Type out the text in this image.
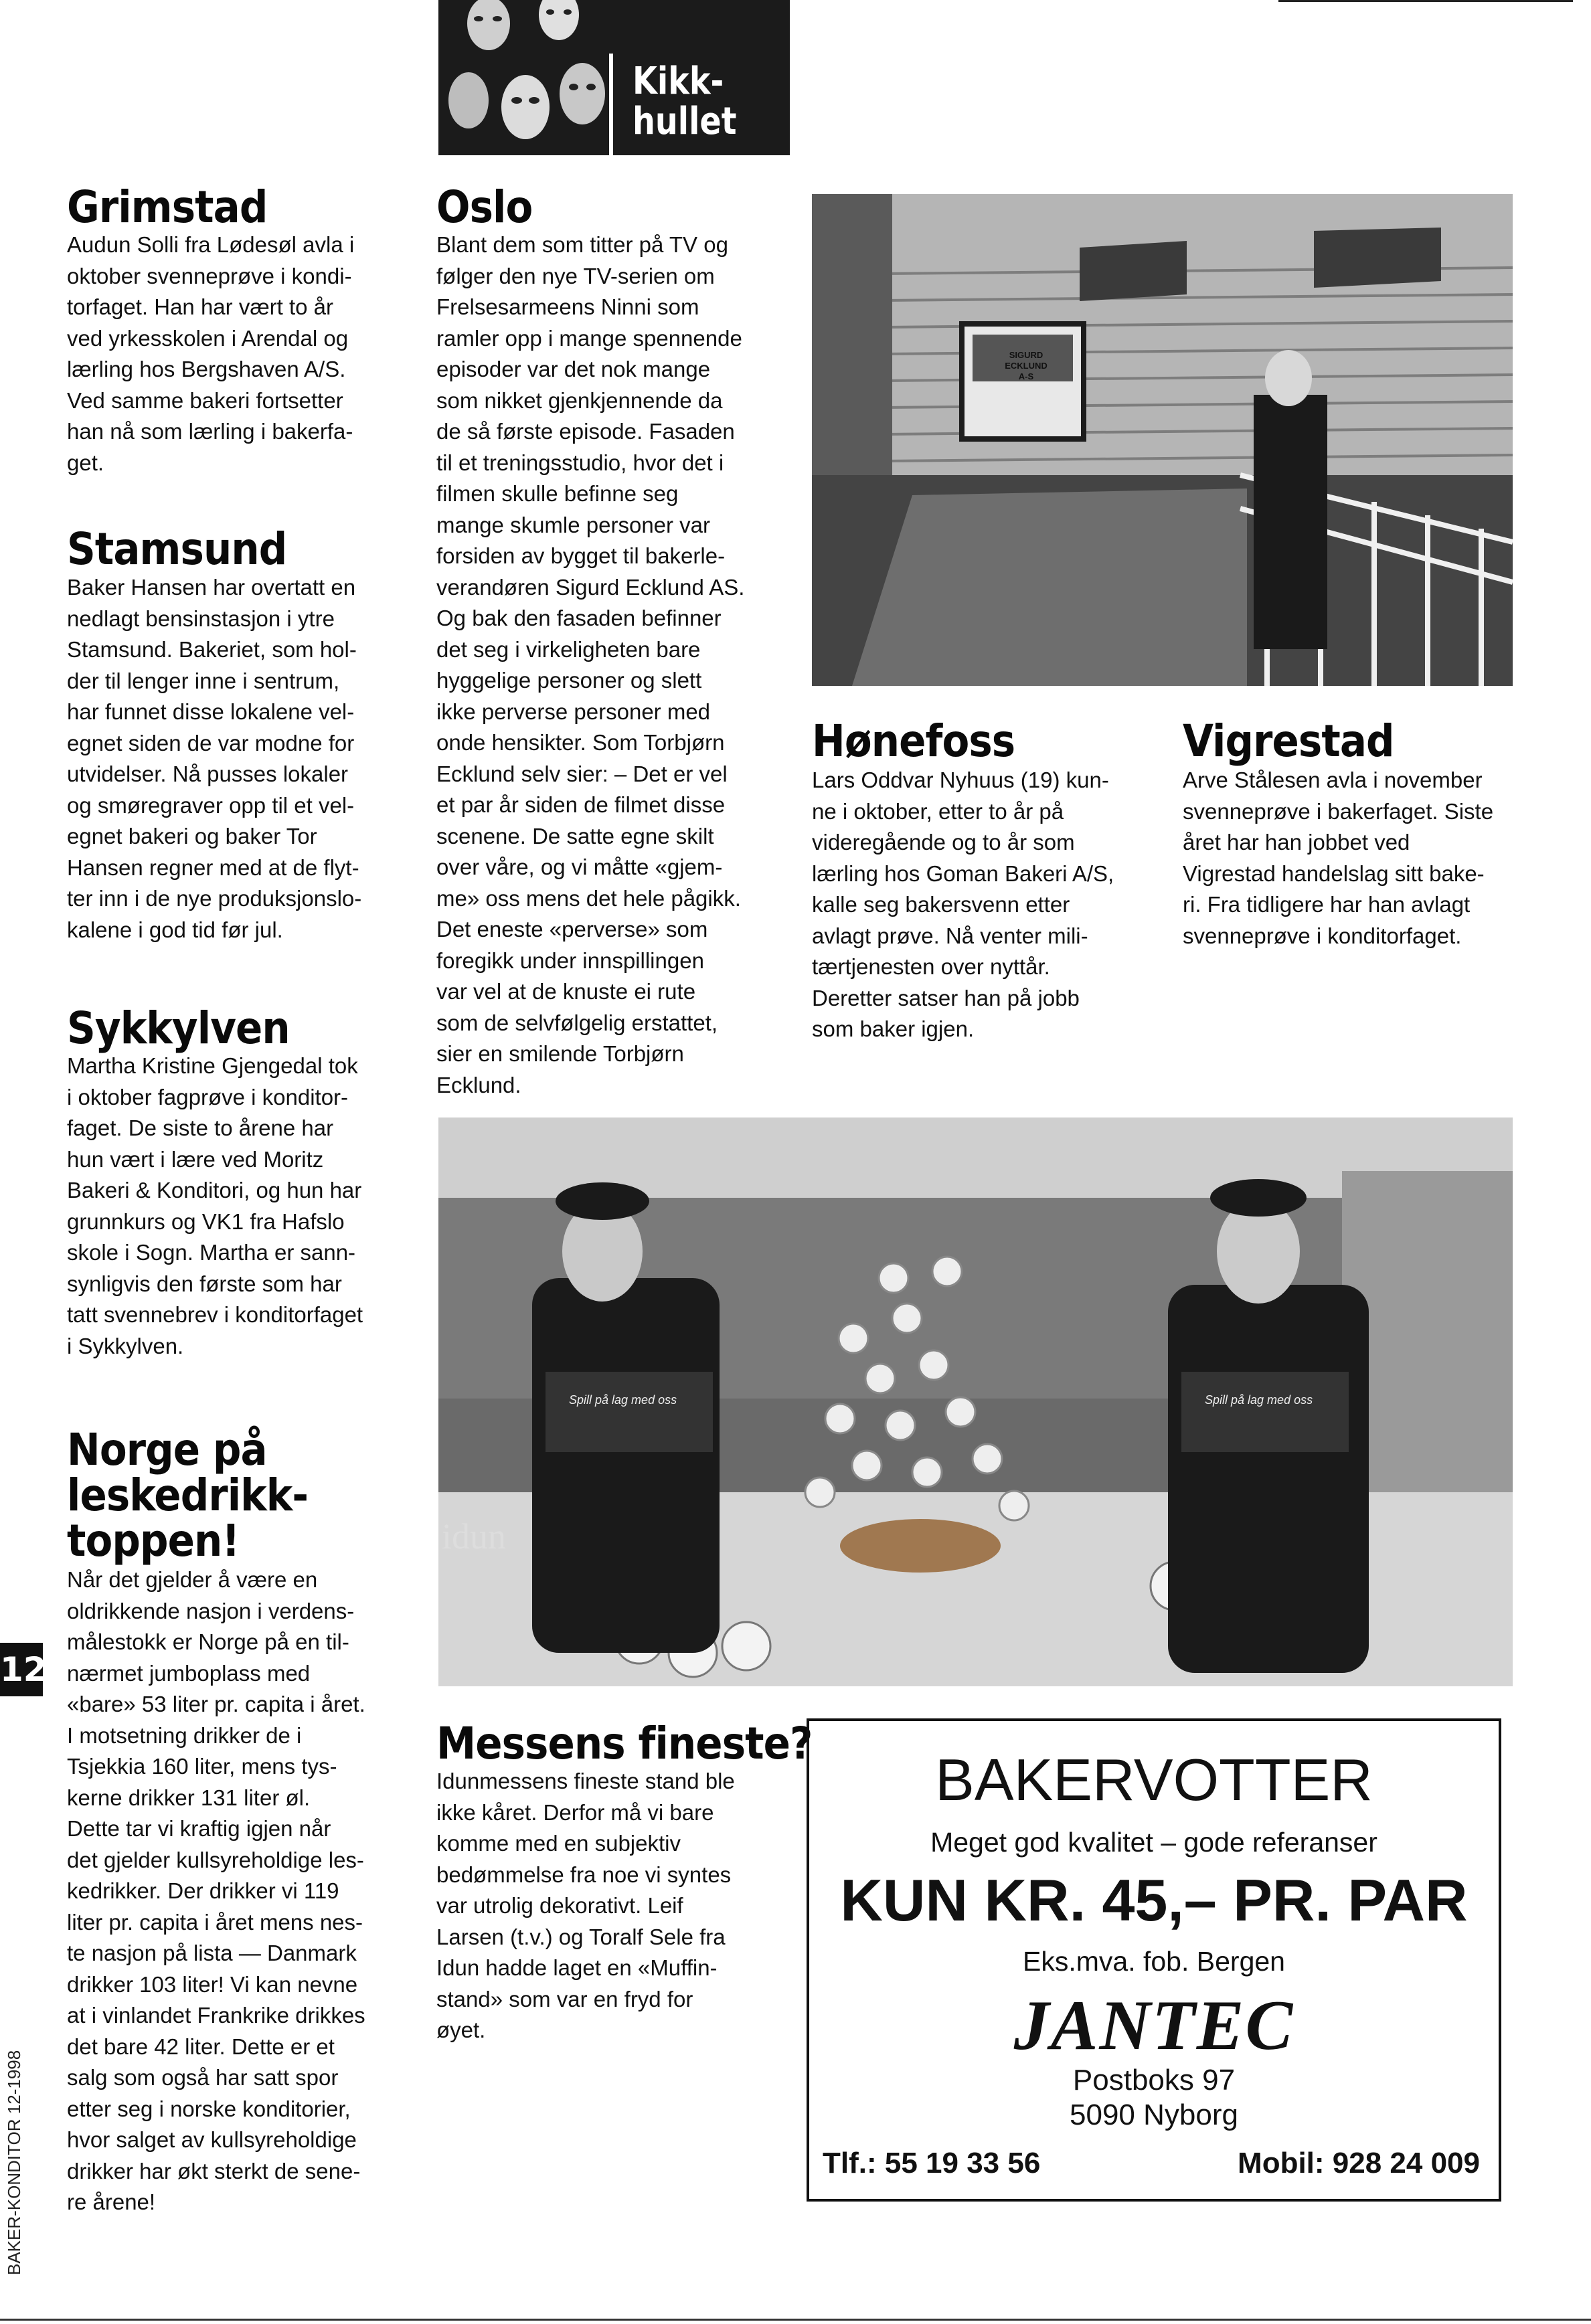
Kikk-
hullet
Grimstad
Audun Solli fra Lødesøl avla i
oktober svenneprøve i kondi-
torfaget. Han har vært to år
ved yrkesskolen i Arendal og
lærling hos Bergshaven A/S.
Ved samme bakeri fortsetter
han nå som lærling i bakerfa-
get.
Stamsund
Baker Hansen har overtatt en
nedlagt bensinstasjon i ytre
Stamsund. Bakeriet, som hol-
der til lenger inne i sentrum,
har funnet disse lokalene vel-
egnet siden de var modne for
utvidelser. Nå pusses lokaler
og smøregraver opp til et vel-
egnet bakeri og baker Tor
Hansen regner med at de flyt-
ter inn i de nye produksjonslo-
kalene i god tid før jul.
Sykkylven
Martha Kristine Gjengedal tok
i oktober fagprøve i konditor-
faget. De siste to årene har
hun vært i lære ved Moritz
Bakeri & Konditori, og hun har
grunnkurs og VK1 fra Hafslo
skole i Sogn. Martha er sann-
synligvis den første som har
tatt svennebrev i konditorfaget
i Sykkylven.
Norge på
leskedrikk-
toppen!
Når det gjelder å være en
oldrikkende nasjon i verdens-
målestokk er Norge på en til-
nærmet jumboplass med
«bare» 53 liter pr. capita i året.
I motsetning drikker de i
Tsjekkia 160 liter, mens tys-
kerne drikker 131 liter øl.
Dette tar vi kraftig igjen når
det gjelder kullsyreholdige les-
kedrikker. Der drikker vi 119
liter pr. capita i året mens nes-
te nasjon på lista — Danmark
drikker 103 liter! Vi kan nevne
at i vinlandet Frankrike drikkes
det bare 42 liter. Dette er et
salg som også har satt spor
etter seg i norske konditorier,
hvor salget av kullsyreholdige
drikker har økt sterkt de sene-
re årene!
Oslo
Blant dem som titter på TV og
følger den nye TV-serien om
Frelsesarmeens Ninni som
ramler opp i mange spennende
episoder var det nok mange
som nikket gjenkjennende da
de så første episode. Fasaden
til et treningsstudio, hvor det i
filmen skulle befinne seg
mange skumle personer var
forsiden av bygget til bakerle-
verandøren Sigurd Ecklund AS.
Og bak den fasaden befinner
det seg i virkeligheten bare
hyggelige personer og slett
ikke perverse personer med
onde hensikter. Som Torbjørn
Ecklund selv sier: – Det er vel
et par år siden de filmet disse
scenene. De satte egne skilt
over våre, og vi måtte «gjem-
me» oss mens det hele pågikk.
Det eneste «perverse» som
foregikk under innspillingen
var vel at de knuste ei rute
som de selvfølgelig erstattet,
sier en smilende Torbjørn
Ecklund.
SIGURD
ECKLUND A-S
Hønefoss
Lars Oddvar Nyhuus (19) kun-
ne i oktober, etter to år på
videregående og to år som
lærling hos Goman Bakeri A/S,
kalle seg bakersvenn etter
avlagt prøve. Nå venter mili-
tærtjenesten over nyttår.
Deretter satser han på jobb
som baker igjen.
Vigrestad
Arve Stålesen avla i november
svenneprøve i bakerfaget. Siste
året har han jobbet ved
Vigrestad handelslag sitt bake-
ri. Fra tidligere har han avlagt
svenneprøve i konditorfaget.
Spill på lag med oss	Spill på lag med oss
idun
Messens fineste?
Idunmessens fineste stand ble
ikke kåret. Derfor må vi bare
komme med en subjektiv
bedømmelse fra noe vi syntes
var utrolig dekorativt. Leif
Larsen (t.v.) og Toralf Sele fra
Idun hadde laget en «Muffin-
stand» som var en fryd for
øyet.
BAKERVOTTER
Meget god kvalitet – gode referanser
KUN KR. 45,– PR. PAR
Eks.mva. fob. Bergen
JANTEC
Postboks 97
5090 Nyborg
Tlf.: 55 19 33 56	Mobil: 928 24 009
12
BAKER-KONDITOR 12-1998
